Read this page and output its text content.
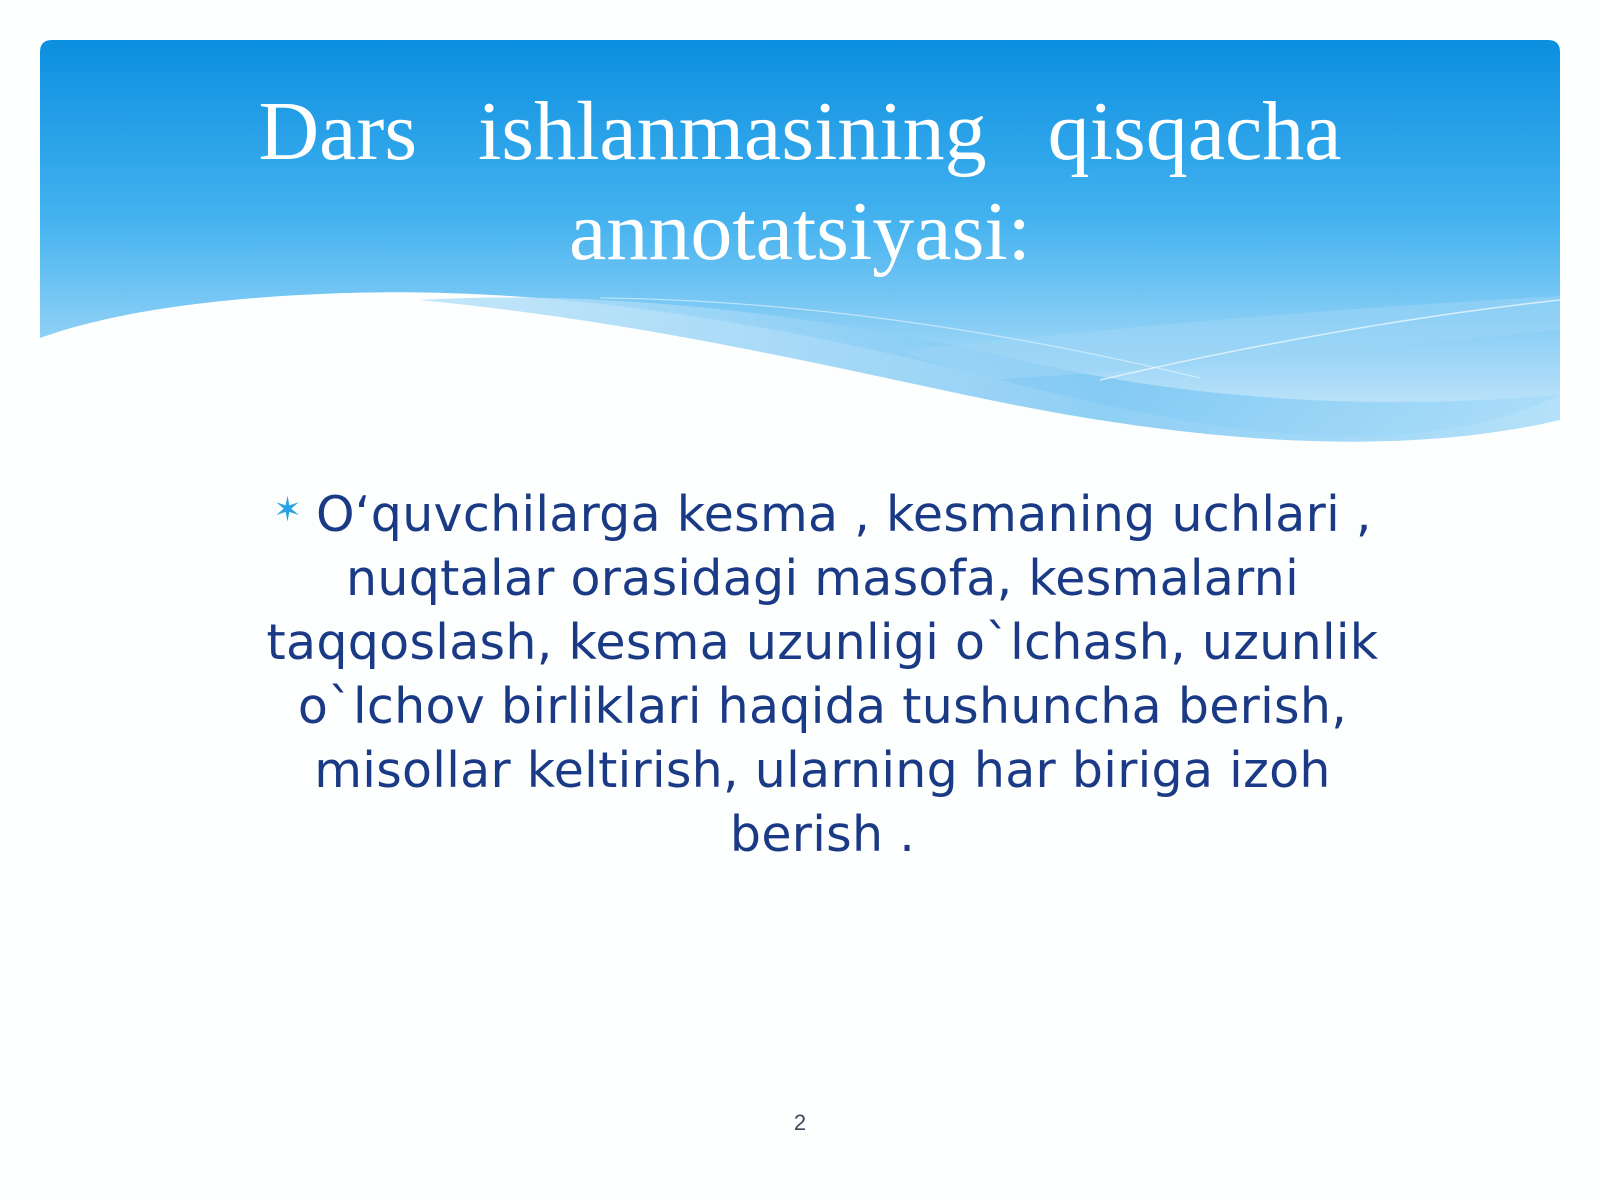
Dars ishlanmasining qisqacha
annotatsiyasi:

✶ O‘quvchilarga kesma , kesmaning uchlari ,
nuqtalar orasidagi masofa, kesmalarni
taqqoslash, kesma uzunligi o`lchash, uzunlik
o`lchov birliklari haqida tushuncha berish,
misollar keltirish, ularning har biriga izoh
berish .

2
